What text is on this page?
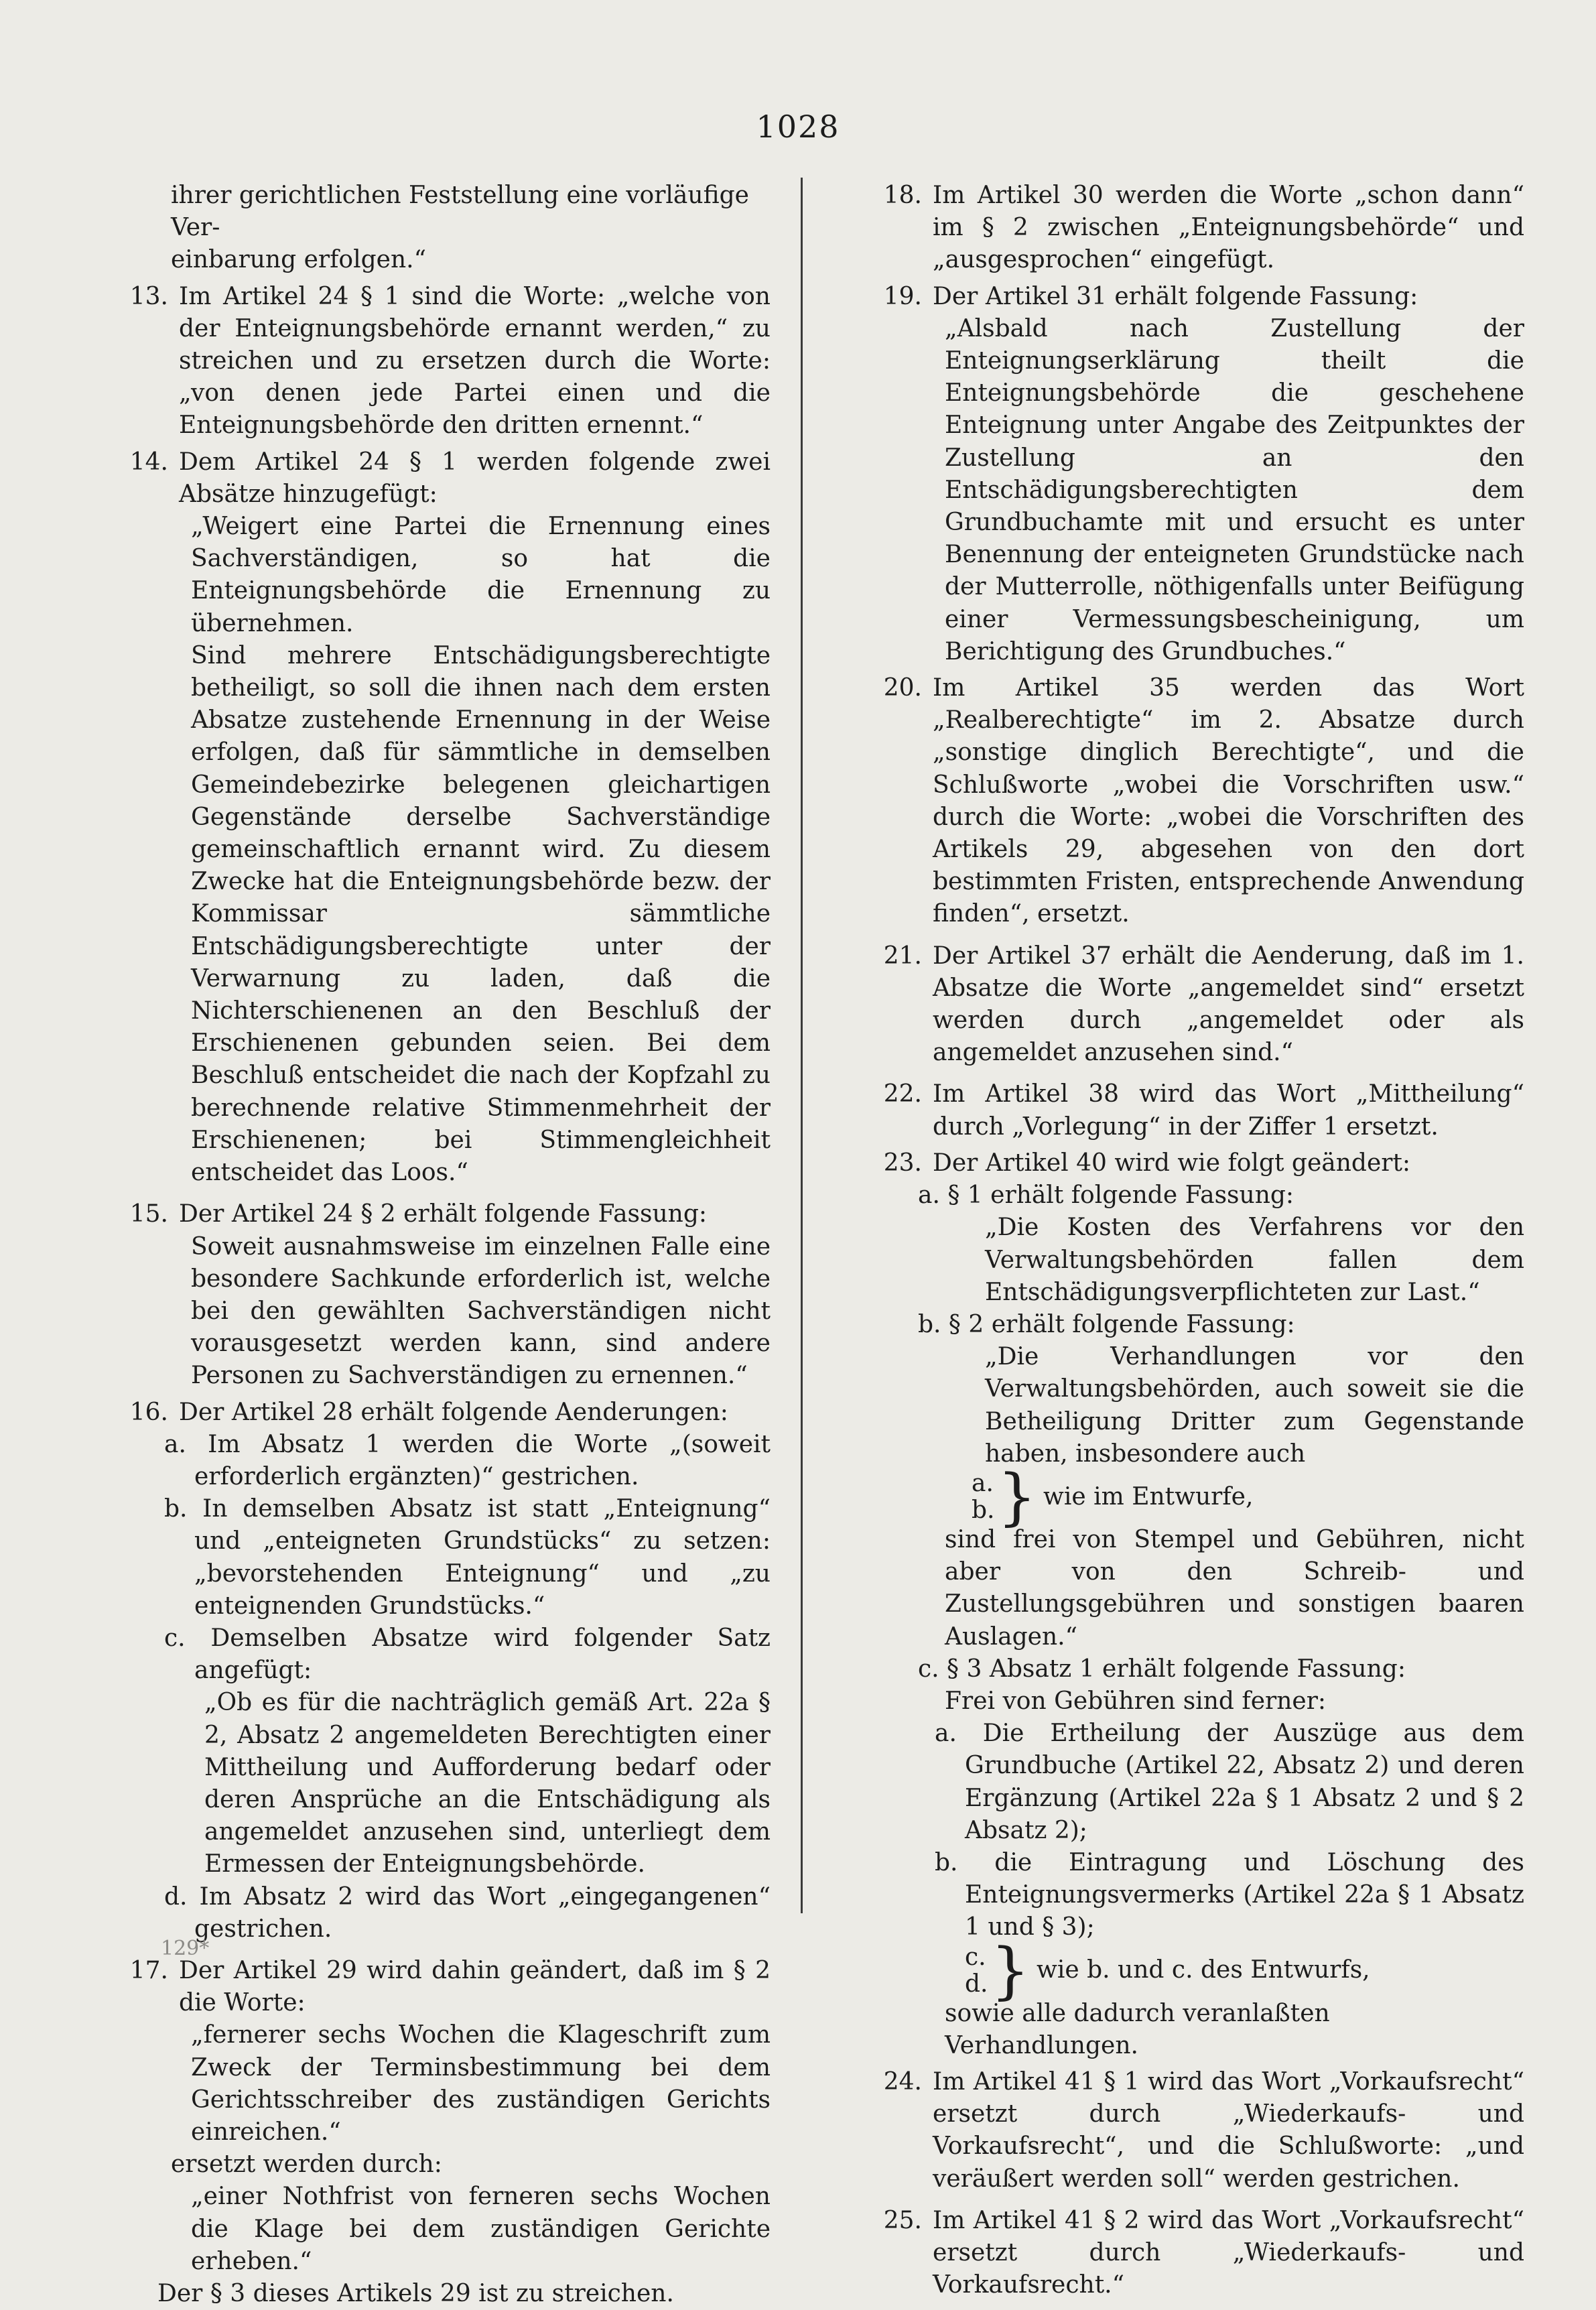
1028

ihrer gerichtlichen Feststellung eine vorläufige Ver-

einbarung erfolgen.“

13. Im Artikel 24 § 1 sind die Worte: „welche von der Enteignungsbehörde ernannt werden,“ zu streichen und zu ersetzen durch die Worte: „von denen jede Partei einen und die Enteignungsbehörde den dritten ernennt.“
14. Dem Artikel 24 § 1 werden folgende zwei Absätze hinzugefügt:

„Weigert eine Partei die Ernennung eines Sachverständigen, so hat die Enteignungsbehörde die Ernennung zu übernehmen.

Sind mehrere Entschädigungsberechtigte betheiligt, so soll die ihnen nach dem ersten Absatze zustehende Ernennung in der Weise erfolgen, daß für sämmtliche in demselben Gemeindebezirke belegenen gleichartigen Gegenstände derselbe Sachverständige gemeinschaftlich ernannt wird. Zu diesem Zwecke hat die Enteignungsbehörde bezw. der Kommissar sämmtliche Entschädigungsberechtigte unter der Verwarnung zu laden, daß die Nichterschienenen an den Beschluß der Erschienenen gebunden seien. Bei dem Beschluß entscheidet die nach der Kopfzahl zu berechnende relative Stimmenmehrheit der Erschienenen; bei Stimmengleichheit entscheidet das Loos.“

15. Der Artikel 24 § 2 erhält folgende Fassung:

Soweit ausnahmsweise im einzelnen Falle eine besondere Sachkunde erforderlich ist, welche bei den gewählten Sachverständigen nicht vorausgesetzt werden kann, sind andere Personen zu Sachverständigen zu ernennen.“

16. Der Artikel 28 erhält folgende Aenderungen:

a. Im Absatz 1 werden die Worte „(soweit erforderlich ergänzten)“ gestrichen.

b. In demselben Absatz ist statt „Enteignung“ und „enteigneten Grundstücks“ zu setzen: „bevorstehenden Enteignung“ und „zu enteignenden Grundstücks.“

c. Demselben Absatze wird folgender Satz angefügt:

„Ob es für die nachträglich gemäß Art. 22a § 2, Absatz 2 angemeldeten Berechtigten einer Mittheilung und Aufforderung bedarf oder deren Ansprüche an die Entschädigung als angemeldet anzusehen sind, unterliegt dem Ermessen der Enteignungsbehörde.

d. Im Absatz 2 wird das Wort „eingegangenen“ gestrichen.

17. Der Artikel 29 wird dahin geändert, daß im § 2 die Worte:

„fernerer sechs Wochen die Klageschrift zum Zweck der Terminsbestimmung bei dem Gerichtsschreiber des zuständigen Gerichts einreichen.“

ersetzt werden durch:

„einer Nothfrist von ferneren sechs Wochen die Klage bei dem zuständigen Gerichte erheben.“

Der § 3 dieses Artikels 29 ist zu streichen.

18. Im Artikel 30 werden die Worte „schon dann“ im § 2 zwischen „Enteignungsbehörde“ und „ausgesprochen“ eingefügt.
19. Der Artikel 31 erhält folgende Fassung:

„Alsbald nach Zustellung der Enteignungserklärung theilt die Enteignungsbehörde die geschehene Enteignung unter Angabe des Zeitpunktes der Zustellung an den Entschädigungsberechtigten dem Grundbuchamte mit und ersucht es unter Benennung der enteigneten Grundstücke nach der Mutterrolle, nöthigenfalls unter Beifügung einer Vermessungsbescheinigung, um Berichtigung des Grundbuches.“

20. Im Artikel 35 werden das Wort „Realberechtigte“ im 2. Absatze durch „sonstige dinglich Berechtigte“, und die Schlußworte „wobei die Vorschriften usw.“ durch die Worte: „wobei die Vorschriften des Artikels 29, abgesehen von den dort bestimmten Fristen, entsprechende Anwendung finden“, ersetzt.
21. Der Artikel 37 erhält die Aenderung, daß im 1. Absatze die Worte „angemeldet sind“ ersetzt werden durch „angemeldet oder als angemeldet anzusehen sind.“
22. Im Artikel 38 wird das Wort „Mittheilung“ durch „Vorlegung“ in der Ziffer 1 ersetzt.
23. Der Artikel 40 wird wie folgt geändert:

a. § 1 erhält folgende Fassung:

„Die Kosten des Verfahrens vor den Verwaltungsbehörden fallen dem Entschädigungsverpflichteten zur Last.“

b. § 2 erhält folgende Fassung:

„Die Verhandlungen vor den Verwaltungsbehörden, auch soweit sie die Betheiligung Dritter zum Gegenstande haben, insbesondere auch

a.
b. } wie im Entwurfe,

sind frei von Stempel und Gebühren, nicht aber von den Schreib- und Zustellungsgebühren und sonstigen baaren Auslagen.“

c. § 3 Absatz 1 erhält folgende Fassung:

Frei von Gebühren sind ferner:

a. Die Ertheilung der Auszüge aus dem Grundbuche (Artikel 22, Absatz 2) und deren Ergänzung (Artikel 22a § 1 Absatz 2 und § 2 Absatz 2);

b. die Eintragung und Löschung des Enteignungsvermerks (Artikel 22a § 1 Absatz 1 und § 3);

c.
d. } wie b. und c. des Entwurfs,

sowie alle dadurch veranlaßten Verhandlungen.

24. Im Artikel 41 § 1 wird das Wort „Vorkaufsrecht“ ersetzt durch „Wiederkaufs- und Vorkaufsrecht“, und die Schlußworte: „und veräußert werden soll“ werden gestrichen.
25. Im Artikel 41 § 2 wird das Wort „Vorkaufsrecht“ ersetzt durch „Wiederkaufs- und Vorkaufsrecht.“
129*
